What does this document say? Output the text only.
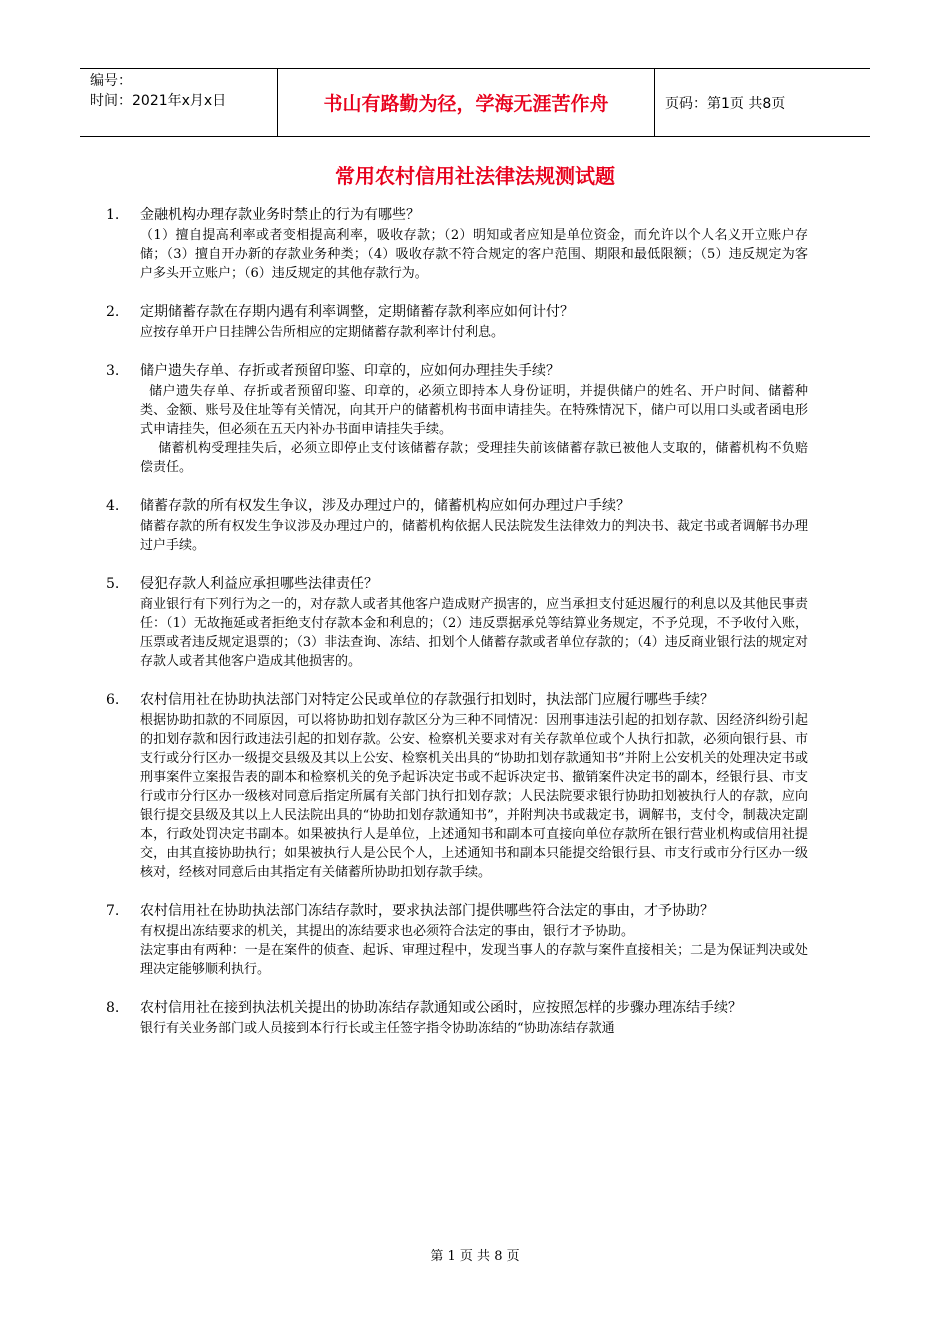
编号：
时间：2021年x月x日	书山有路勤为径，学海无涯苦作舟	页码：第1页 共8页
常用农村信用社法律法规测试题
1. 金融机构办理存款业务时禁止的行为有哪些？

（1）擅自提高利率或者变相提高利率，吸收存款；（2）明知或者应知是单位资金，而允许以个人名义开立账户存储；（3）擅自开办新的存款业务种类；（4）吸收存款不符合规定的客户范围、期限和最低限额；（5）违反规定为客户多头开立账户；（6）违反规定的其他存款行为。

2. 定期储蓄存款在存期内遇有利率调整，定期储蓄存款利率应如何计付？

应按存单开户日挂牌公告所相应的定期储蓄存款利率计付利息。

3. 储户遗失存单、存折或者预留印鉴、印章的，应如何办理挂失手续？

储户遗失存单、存折或者预留印鉴、印章的，必须立即持本人身份证明，并提供储户的姓名、开户时间、储蓄种类、金额、账号及住址等有关情况，向其开户的储蓄机构书面申请挂失。在特殊情况下，储户可以用口头或者函电形式申请挂失，但必须在五天内补办书面申请挂失手续。

储蓄机构受理挂失后，必须立即停止支付该储蓄存款；受理挂失前该储蓄存款已被他人支取的，储蓄机构不负赔偿责任。

4. 储蓄存款的所有权发生争议，涉及办理过户的，储蓄机构应如何办理过户手续？

储蓄存款的所有权发生争议涉及办理过户的，储蓄机构依据人民法院发生法律效力的判决书、裁定书或者调解书办理过户手续。

5. 侵犯存款人利益应承担哪些法律责任？

商业银行有下列行为之一的，对存款人或者其他客户造成财产损害的，应当承担支付延迟履行的利息以及其他民事责任：（1）无故拖延或者拒绝支付存款本金和利息的；（2）违反票据承兑等结算业务规定，不予兑现，不予收付入账，压票或者违反规定退票的；（3）非法查询、冻结、扣划个人储蓄存款或者单位存款的；（4）违反商业银行法的规定对存款人或者其他客户造成其他损害的。

6. 农村信用社在协助执法部门对特定公民或单位的存款强行扣划时，执法部门应履行哪些手续？

根据协助扣款的不同原因，可以将协助扣划存款区分为三种不同情况：因刑事违法引起的扣划存款、因经济纠纷引起的扣划存款和因行政违法引起的扣划存款。公安、检察机关要求对有关存款单位或个人执行扣款，必须向银行县、市支行或分行区办一级提交县级及其以上公安、检察机关出具的“协助扣划存款通知书”并附上公安机关的处理决定书或刑事案件立案报告表的副本和检察机关的免予起诉决定书或不起诉决定书、撤销案件决定书的副本，经银行县、市支行或市分行区办一级核对同意后指定所属有关部门执行扣划存款；人民法院要求银行协助扣划被执行人的存款，应向银行提交县级及其以上人民法院出具的“协助扣划存款通知书”，并附判决书或裁定书，调解书，支付令，制裁决定副本，行政处罚决定书副本。如果被执行人是单位，上述通知书和副本可直接向单位存款所在银行营业机构或信用社提交，由其直接协助执行；如果被执行人是公民个人，上述通知书和副本只能提交给银行县、市支行或市分行区办一级核对，经核对同意后由其指定有关储蓄所协助扣划存款手续。

7. 农村信用社在协助执法部门冻结存款时，要求执法部门提供哪些符合法定的事由，才予协助？

有权提出冻结要求的机关，其提出的冻结要求也必须符合法定的事由，银行才予协助。

法定事由有两种：一是在案件的侦查、起诉、审理过程中，发现当事人的存款与案件直接相关；二是为保证判决或处理决定能够顺利执行。

8. 农村信用社在接到执法机关提出的协助冻结存款通知或公函时，应按照怎样的步骤办理冻结手续？

银行有关业务部门或人员接到本行行长或主任签字指令协助冻结的“协助冻结存款通

第 1 页 共 8 页
